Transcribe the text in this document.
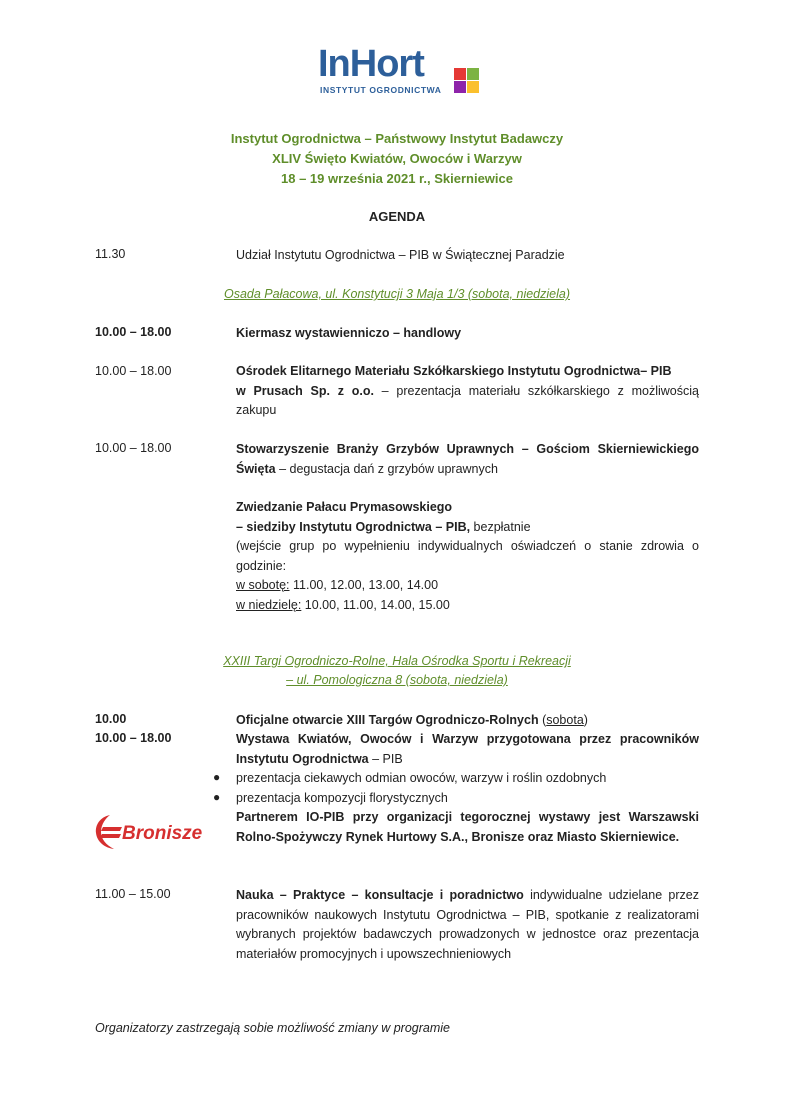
InHort
INSTYTUT OGRODNICTWA
Instytut Ogrodnictwa – Państwowy Instytut Badawczy
XLIV Święto Kwiatów, Owoców i Warzyw
18 – 19 września 2021 r., Skierniewice
AGENDA
11.30	Udział Instytutu Ogrodnictwa – PIB w Świątecznej Paradzie
Osada Pałacowa, ul. Konstytucji 3 Maja 1/3 (sobota, niedziela)
10.00 – 18.00	Kiermasz wystawienniczo – handlowy
10.00 – 18.00	Ośrodek Elitarnego Materiału Szkółkarskiego Instytutu Ogrodnictwa– PIB
w Prusach Sp. z o.o. – prezentacja materiału szkółkarskiego z możliwością zakupu
10.00 – 18.00	Stowarzyszenie Branży Grzybów Uprawnych – Gościom Skierniewickiego Święta – degustacja dań z grzybów uprawnych
Zwiedzanie Pałacu Prymasowskiego
– siedziby Instytutu Ogrodnictwa – PIB, bezpłatnie
(wejście grup po wypełnieniu indywidualnych oświadczeń o stanie zdrowia o godzinie:
w sobotę: 11.00, 12.00, 13.00, 14.00
w niedzielę: 10.00, 11.00, 14.00, 15.00
XXIII Targi Ogrodniczo-Rolne, Hala Ośrodka Sportu i Rekreacji
– ul. Pomologiczna 8 (sobota, niedziela)
10.00	Oficjalne otwarcie XIII Targów Ogrodniczo-Rolnych (sobota)
10.00 – 18.00	Wystawa Kwiatów, Owoców i Warzyw przygotowana przez pracowników Instytutu Ogrodnictwa – PIB
● prezentacja ciekawych odmian owoców, warzyw i roślin ozdobnych
● prezentacja kompozycji florystycznych
Partnerem IO-PIB przy organizacji tegorocznej wystawy jest Warszawski Rolno-Spożywczy Rynek Hurtowy S.A., Bronisze oraz Miasto Skierniewice.
Bronisze
11.00 – 15.00	Nauka – Praktyce – konsultacje i poradnictwo indywidualne udzielane przez pracowników naukowych Instytutu Ogrodnictwa – PIB, spotkanie z realizatorami wybranych projektów badawczych prowadzonych w jednostce oraz prezentacja materiałów promocyjnych i upowszechnieniowych
Organizatorzy zastrzegają sobie możliwość zmiany w programie
